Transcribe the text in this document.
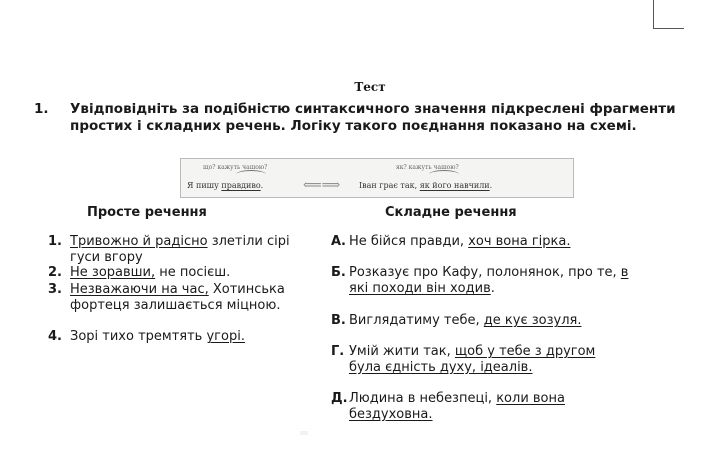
Тест
1. Увідповідніть за подібністю синтаксичного значення підкреслені фрагменти простих і складних речень. Логіку такого поєднання показано на схемі.
що? кажуть чашою?
Я пишу правдиво.	⟸⟹
як? кажуть чашою?
Іван грає так, як його навчили.
Просте речення	Складне речення
1. Тривожно й радісно злетіли сірі гуси вгору
2. Не зоравши, не посієш.
3. Незважаючи на час, Хотинська фортеця залишається міцною.
4. Зорі тихо тремтять угорі.
А. Не бійся правди, хоч вона гірка.
Б. Розказує про Кафу, полонянок, про те, в які походи він ходив.
В. Виглядатиму тебе, де кує зозуля.
Г. Умій жити так, щоб у тебе з другом була єдність духу, ідеалів.
Д. Людина в небезпеці, коли вона бездуховна.
